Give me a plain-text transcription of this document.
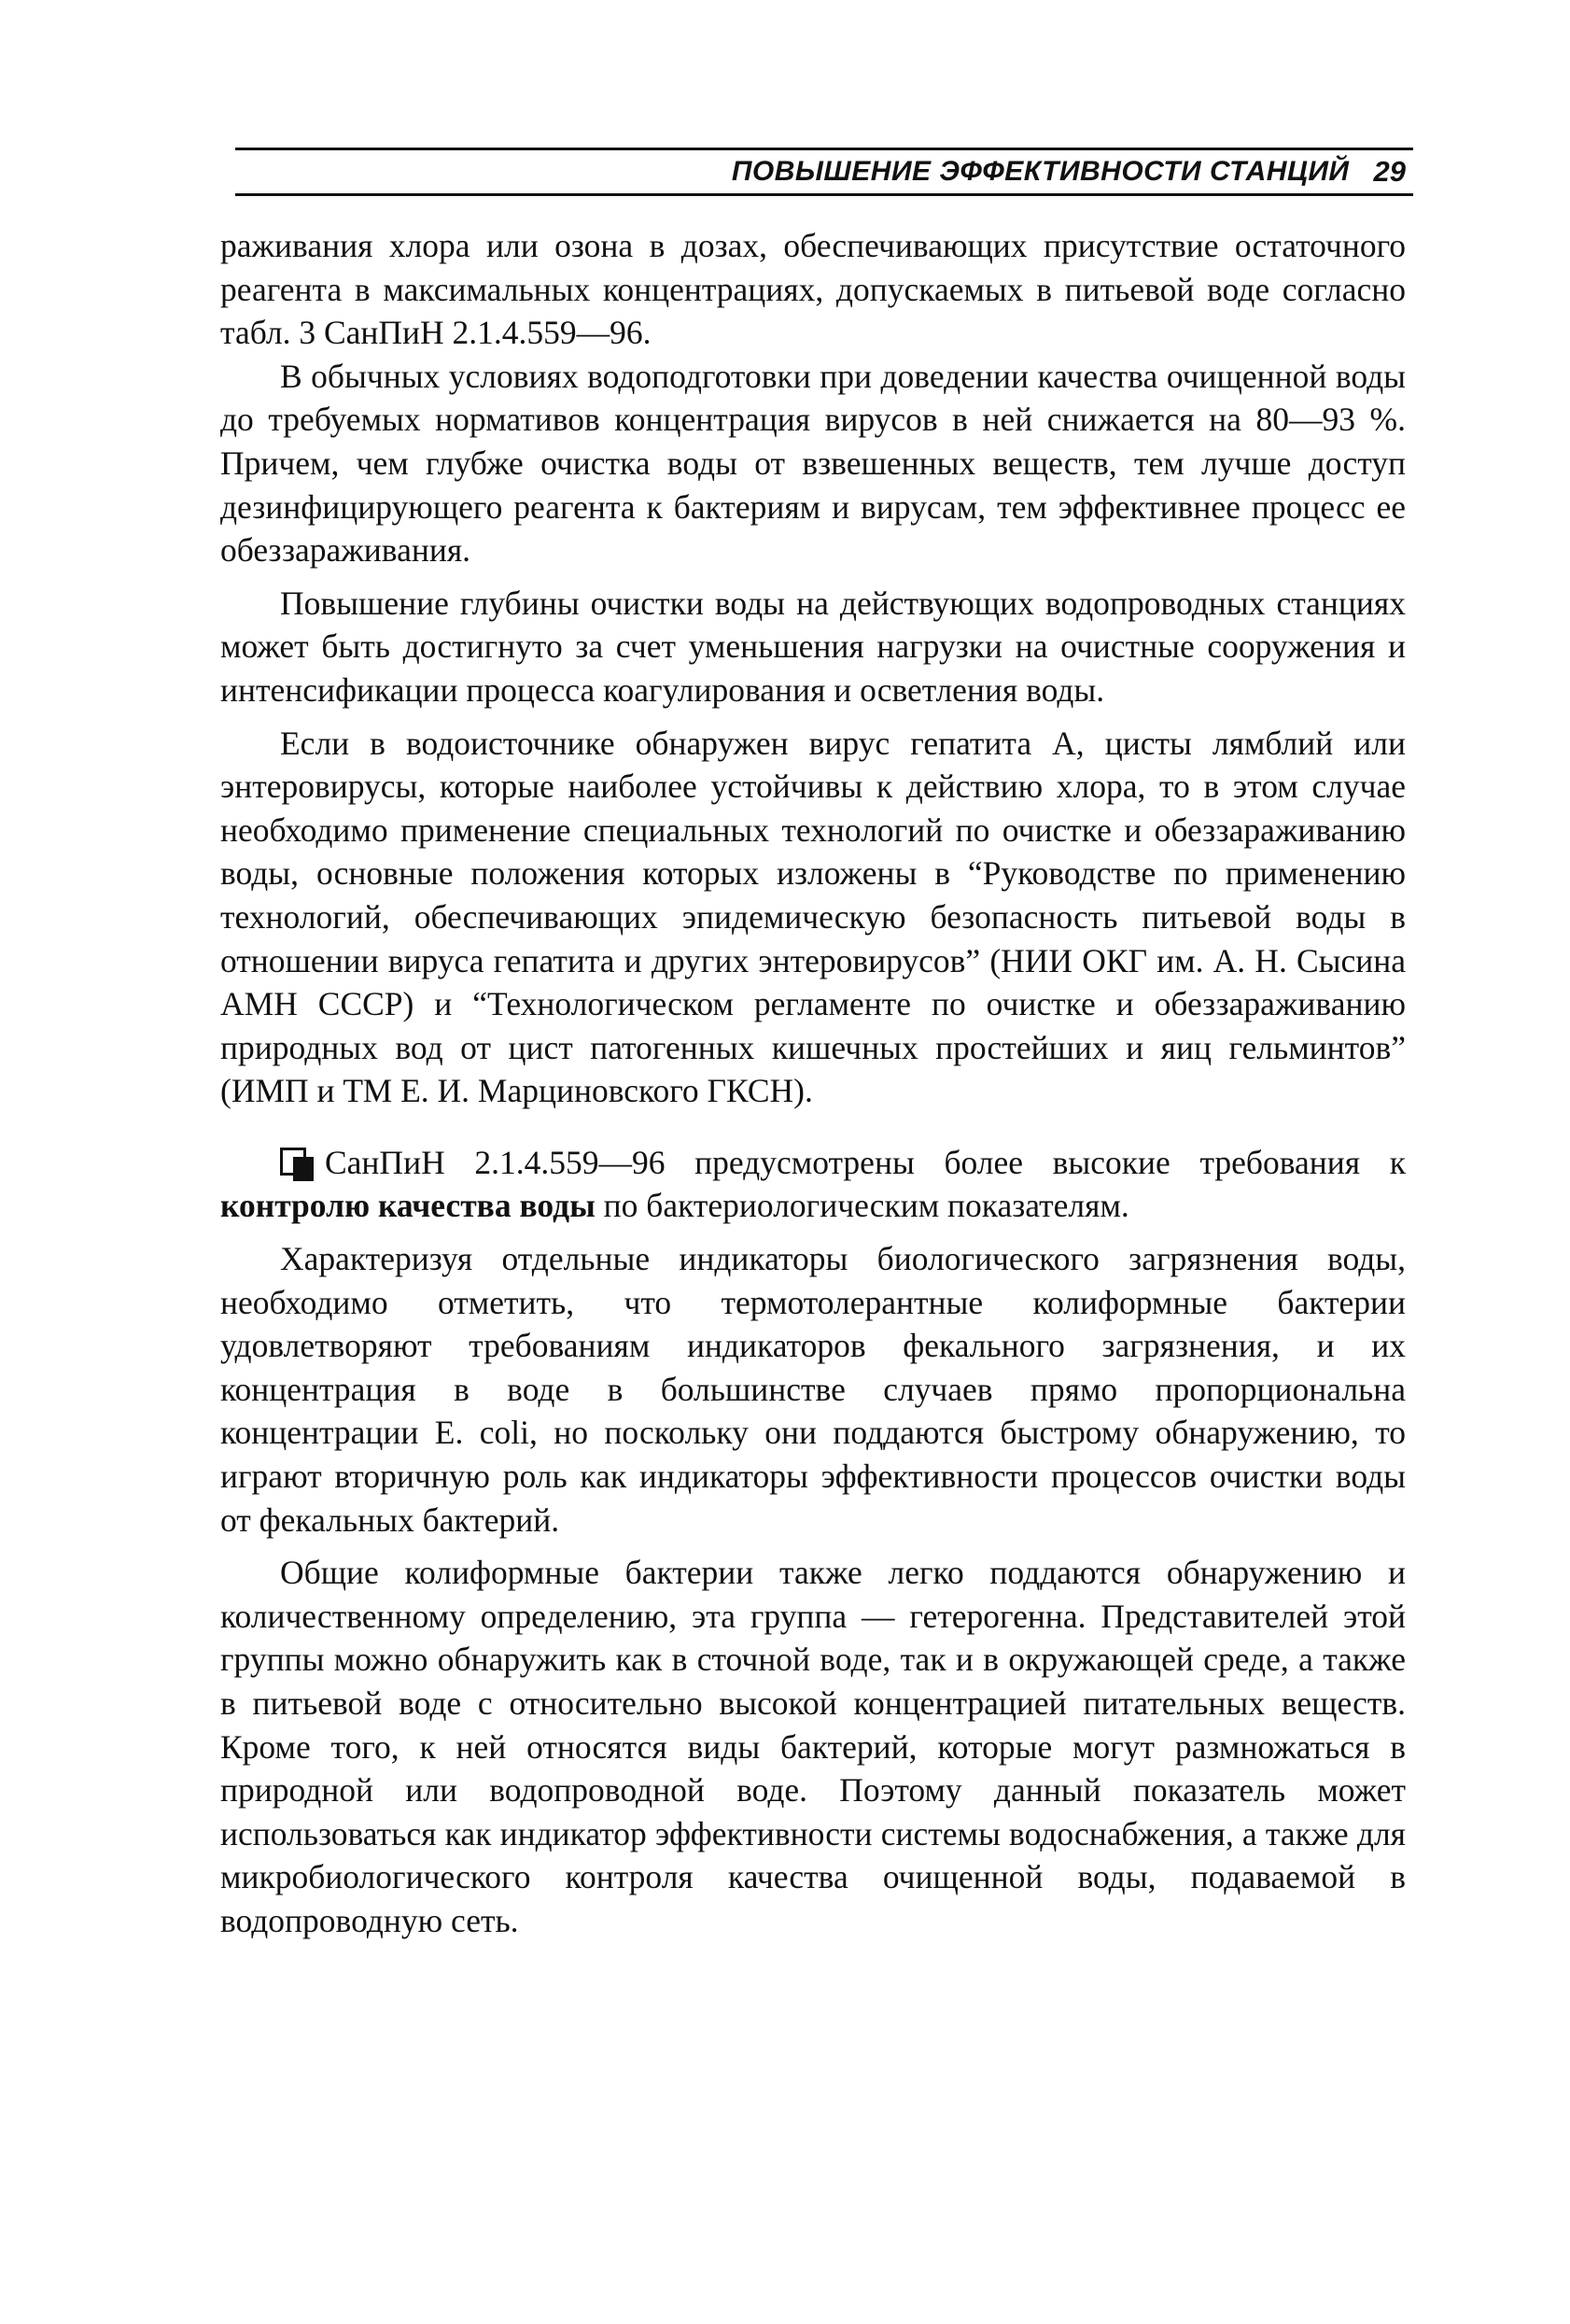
ПОВЫШЕНИЕ ЭФФЕКТИВНОСТИ СТАНЦИЙ 29

раживания хлора или озона в дозах, обеспечивающих присутствие остаточного реагента в максимальных концентрациях, допускаемых в питьевой воде согласно табл. 3 СанПиН 2.1.4.559—96.

В обычных условиях водоподготовки при доведении качества очищенной воды до требуемых нормативов концентрация вирусов в ней снижается на 80—93 %. Причем, чем глубже очистка воды от взвешенных веществ, тем лучше доступ дезинфицирующего реагента к бактериям и вирусам, тем эффективнее процесс ее обеззараживания.

Повышение глубины очистки воды на действующих водопроводных станциях может быть достигнуто за счет уменьшения нагрузки на очистные сооружения и интенсификации процесса коагулирования и осветления воды.

Если в водоисточнике обнаружен вирус гепатита А, цисты лямблий или энтеровирусы, которые наиболее устойчивы к действию хлора, то в этом случае необходимо применение специальных технологий по очистке и обеззараживанию воды, основные положения которых изложены в “Руководстве по применению технологий, обеспечивающих эпидемическую безопасность питьевой воды в отношении вируса гепатита и других энтеровирусов” (НИИ ОКГ им. А. Н. Сысина АМН СССР) и “Технологическом регламенте по очистке и обеззараживанию природных вод от цист патогенных кишечных простейших и яиц гельминтов” (ИМП и ТМ Е. И. Марциновского ГКСН).

СанПиН 2.1.4.559—96 предусмотрены более высокие требования к контролю качества воды по бактериологическим показателям.

Характеризуя отдельные индикаторы биологического загрязнения воды, необходимо отметить, что термотолерантные колиформные бактерии удовлетворяют требованиям индикаторов фекального загрязнения, и их концентрация в воде в большинстве случаев прямо пропорциональна концентрации E. coli, но поскольку они поддаются быстрому обнаружению, то играют вторичную роль как индикаторы эффективности процессов очистки воды от фекальных бактерий.

Общие колиформные бактерии также легко поддаются обнаружению и количественному определению, эта группа — гетерогенна. Представителей этой группы можно обнаружить как в сточной воде, так и в окружающей среде, а также в питьевой воде с относительно высокой концентрацией питательных веществ. Кроме того, к ней относятся виды бактерий, которые могут размножаться в природной или водопроводной воде. Поэтому данный показатель может использоваться как индикатор эффективности системы водоснабжения, а также для микробиологического контроля качества очищенной воды, подаваемой в водопроводную сеть.
